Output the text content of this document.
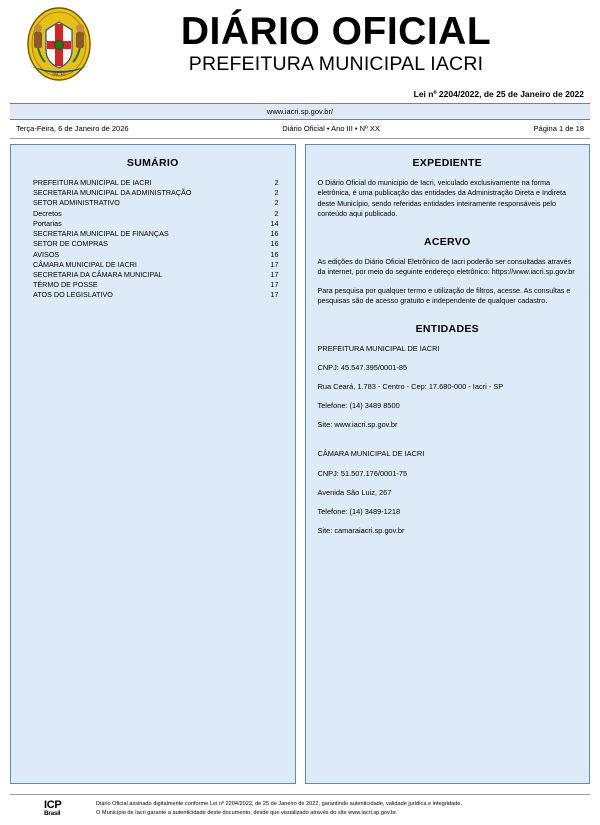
IACRI
DIÁRIO OFICIAL
PREFEITURA MUNICIPAL IACRI
Lei nº 2204/2022, de 25 de Janeiro de 2022
www.iacri.sp.gov.br/
Terça-Feira, 6 de Janeiro de 2026	Diário Oficial • Ano III • Nº XX	Página 1 de 18
SUMÁRIO
PREFEITURA MUNICIPAL DE IACRI	2
SECRETARIA MUNICIPAL DA ADMINISTRAÇÃO	2
SETOR ADMINISTRATIVO	2
Decretos	2
Portarias	14
SECRETARIA MUNICIPAL DE FINANÇAS	16
SETOR DE COMPRAS	16
AVISOS	16
CÂMARA MUNICIPAL DE IACRI	17
SECRETARIA DA CÂMARA MUNICIPAL	17
TÉRMO DE POSSE	17
ATOS DO LEGISLATIVO	17
EXPEDIENTE

O Diário Oficial do municipio de Iacri, veiculado exclusivamente na forma eletrônica, é uma publicação das entidades da Administração Direta e Indireta deste Município, sendo referidas entidades inteiramente responsáveis pelo conteúdo aqui publicado.

ACERVO

As edições do Diário Oficial Eletrônico de Iacri poderão ser consultadas através da internet, por meio do seguinte endereço eletrônico: https://www.iacri.sp.gov.br

Para pesquisa por qualquer termo e utilização de filtros, acesse. As consultas e pesquisas são de acesso gratuito e independente de qualquer cadastro.

ENTIDADES
PREFEITURA MUNICIPAL DE IACRI
CNPJ: 45.547.395/0001-85
Rua Ceará, 1.783 - Centro - Cep: 17.680-000 - Iacri - SP
Telefone: (14) 3489 8500
Site: www.iacri.sp.gov.br
CÂMARA MUNICIPAL DE IACRI
CNPJ: 51.507.176/0001-75
Avenida São Luiz, 267
Telefone: (14) 3489-1218
Site: camaraiacri.sp.gov.br
ICP
Brasil
Diário Oficial assinado digitalmente conforme Lei nº 2204/2022, de 25 de Janeiro de 2022, garantindo autenticidade, validade jurídica e integridade.
O Município de Iacri garante a autenticidade deste documento, desde que visualizado através do site www.iacri.sp.gov.br.
